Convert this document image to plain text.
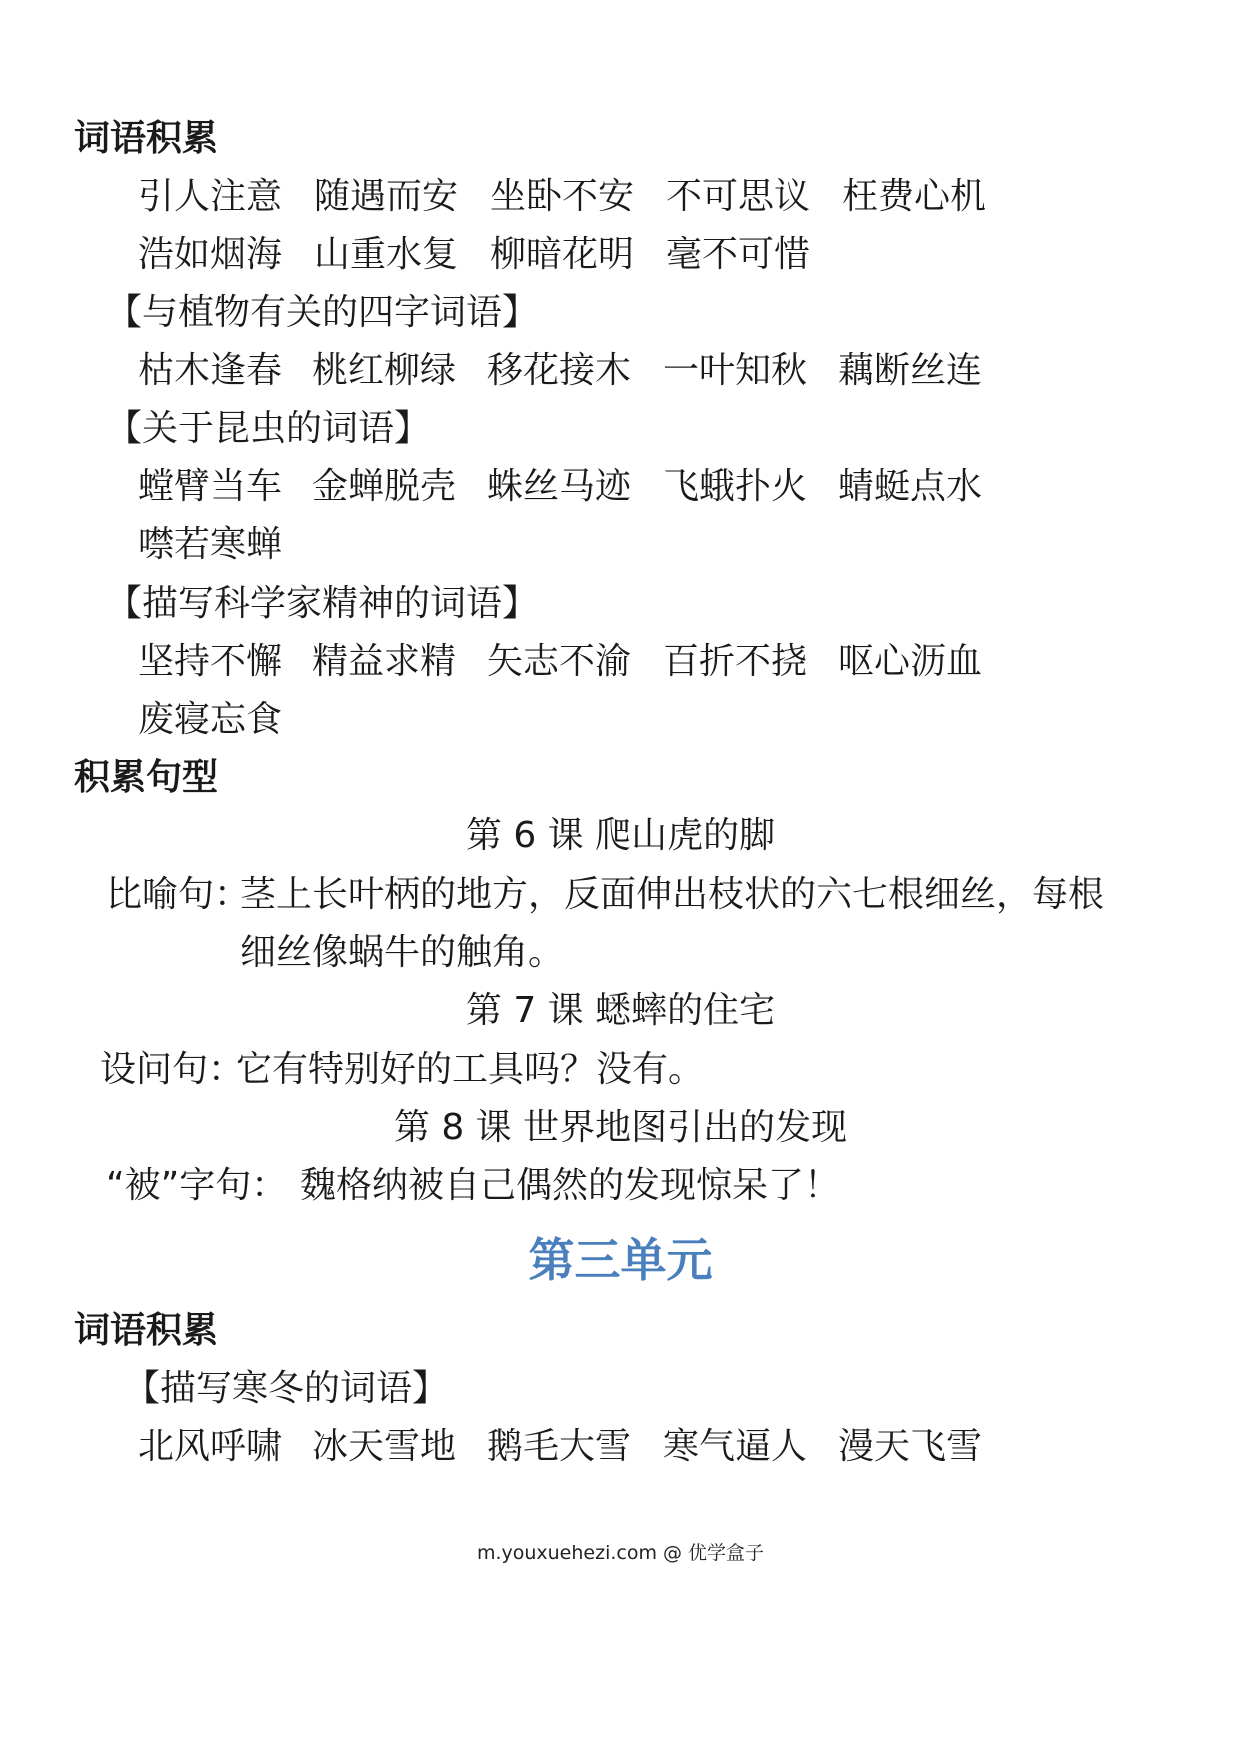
词语积累
引人注意 随遇而安 坐卧不安 不可思议 枉费心机
浩如烟海 山重水复 柳暗花明 毫不可惜
【与植物有关的四字词语】
枯木逢春 桃红柳绿 移花接木 一叶知秋 藕断丝连
【关于昆虫的词语】
螳臂当车 金蝉脱壳 蛛丝马迹 飞蛾扑火 蜻蜓点水
噤若寒蝉
【描写科学家精神的词语】
坚持不懈 精益求精 矢志不渝 百折不挠 呕心沥血
废寝忘食
积累句型
第 6 课 爬山虎的脚
比喻句：
茎上长叶柄的地方，反面伸出枝状的六七根细丝，每根
细丝像蜗牛的触角。
第 7 课 蟋蟀的住宅
设问句：
它有特别好的工具吗？没有。
第 8 课 世界地图引出的发现
“被”字句： 魏格纳被自己偶然的发现惊呆了！
第三单元
词语积累
【描写寒冬的词语】
北风呼啸 冰天雪地 鹅毛大雪 寒气逼人 漫天飞雪
m.youxuehezi.com @ 优学盒子
